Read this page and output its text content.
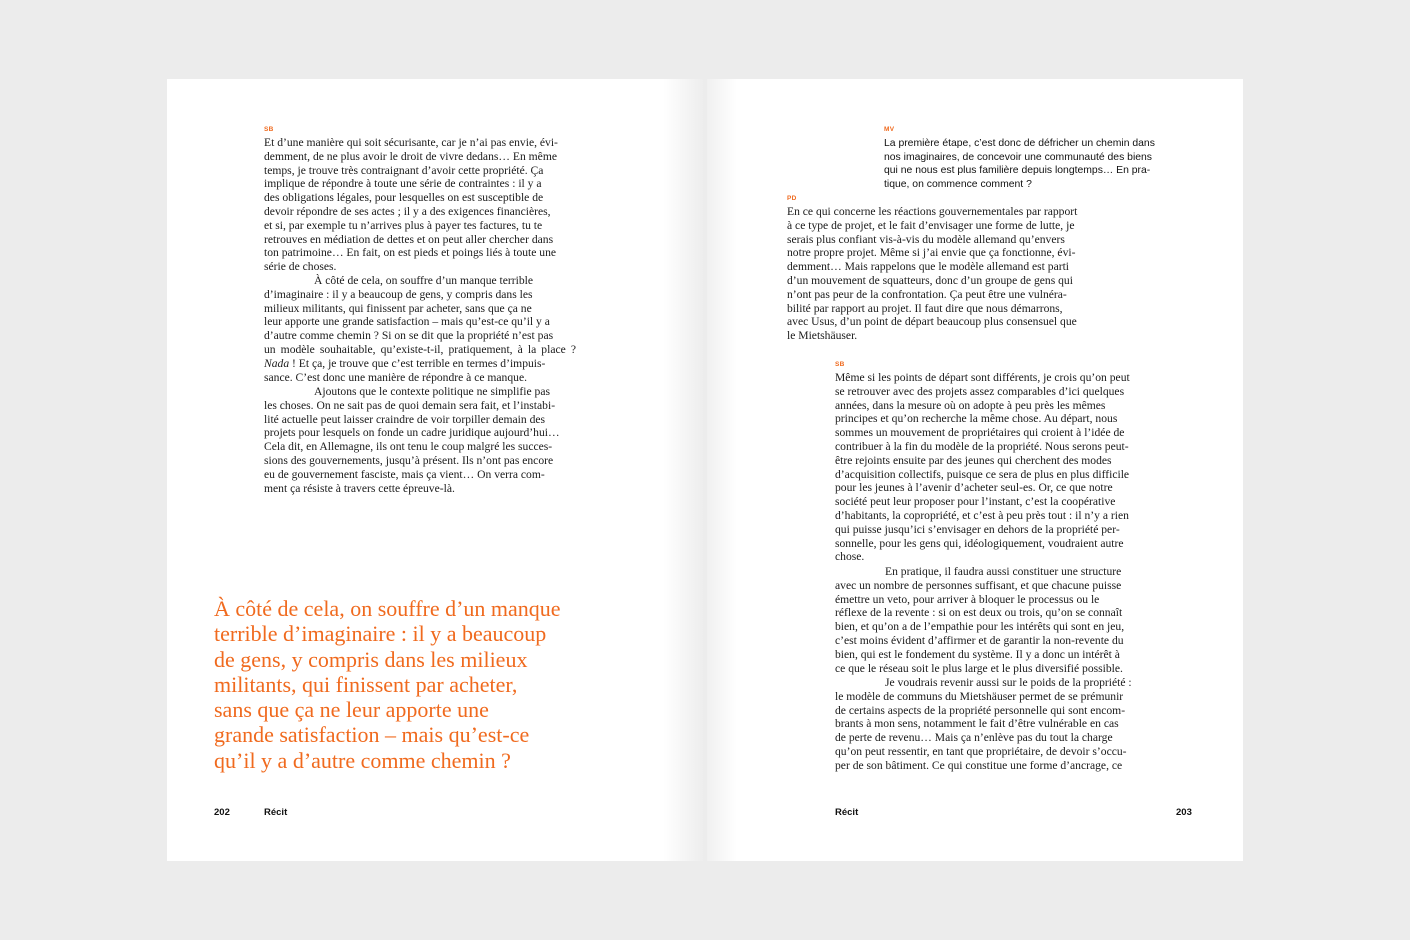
SB
Et d’une manière qui soit sécurisante, car je n’ai pas envie, évi-
demment, de ne plus avoir le droit de vivre dedans… En même
temps, je trouve très contraignant d’avoir cette propriété. Ça
implique de répondre à toute une série de contraintes : il y a
des obligations légales, pour lesquelles on est susceptible de
devoir répondre de ses actes ; il y a des exigences financières,
et si, par exemple tu n’arrives plus à payer tes factures, tu te
retrouves en médiation de dettes et on peut aller chercher dans
ton patrimoine… En fait, on est pieds et poings liés à toute une
série de choses.
À côté de cela, on souffre d’un manque terrible
d’imaginaire : il y a beaucoup de gens, y compris dans les
milieux militants, qui finissent par acheter, sans que ça ne
leur apporte une grande satisfaction – mais qu’est-ce qu’il y a
d’autre comme chemin ? Si on se dit que la propriété n’est pas
un modèle souhaitable, qu’existe-t-il, pratiquement, à la place ?Nada ! Et ça, je trouve que c’est terrible en termes d’impuis-
sance. C’est donc une manière de répondre à ce manque.
Ajoutons que le contexte politique ne simplifie pas
les choses. On ne sait pas de quoi demain sera fait, et l’instabi-
lité actuelle peut laisser craindre de voir torpiller demain des
projets pour lesquels on fonde un cadre juridique aujourd’hui…
Cela dit, en Allemagne, ils ont tenu le coup malgré les succes-
sions des gouvernements, jusqu’à présent. Ils n’ont pas encore
eu de gouvernement fasciste, mais ça vient… On verra com-
ment ça résiste à travers cette épreuve-là.
À côté de cela, on souffre d’un manque
terrible d’imaginaire : il y a beaucoup
de gens, y compris dans les milieux
militants, qui finissent par acheter,
sans que ça ne leur apporte une
grande satisfaction – mais qu’est-ce
qu’il y a d’autre comme chemin ?
202	Récit
MV
La première étape, c’est donc de défricher un chemin dans
nos imaginaires, de concevoir une communauté des biens
qui ne nous est plus familière depuis longtemps… En pra-
tique, on commence comment ?
PD
En ce qui concerne les réactions gouvernementales par rapport
à ce type de projet, et le fait d’envisager une forme de lutte, je
serais plus confiant vis-à-vis du modèle allemand qu’envers
notre propre projet. Même si j’ai envie que ça fonctionne, évi-
demment… Mais rappelons que le modèle allemand est parti
d’un mouvement de squatteurs, donc d’un groupe de gens qui
n’ont pas peur de la confrontation. Ça peut être une vulnéra-
bilité par rapport au projet. Il faut dire que nous démarrons,
avec Usus, d’un point de départ beaucoup plus consensuel que
le Mietshäuser.
SB
Même si les points de départ sont différents, je crois qu’on peut
se retrouver avec des projets assez comparables d’ici quelques
années, dans la mesure où on adopte à peu près les mêmes
principes et qu’on recherche la même chose. Au départ, nous
sommes un mouvement de propriétaires qui croient à l’idée de
contribuer à la fin du modèle de la propriété. Nous serons peut-
être rejoints ensuite par des jeunes qui cherchent des modes
d’acquisition collectifs, puisque ce sera de plus en plus difficile
pour les jeunes à l’avenir d’acheter seul-es. Or, ce que notre
société peut leur proposer pour l’instant, c’est la coopérative
d’habitants, la copropriété, et c’est à peu près tout : il n’y a rien
qui puisse jusqu’ici s’envisager en dehors de la propriété per-
sonnelle, pour les gens qui, idéologiquement, voudraient autre
chose.
En pratique, il faudra aussi constituer une structure
avec un nombre de personnes suffisant, et que chacune puisse
émettre un veto, pour arriver à bloquer le processus ou le
réflexe de la revente : si on est deux ou trois, qu’on se connaît
bien, et qu’on a de l’empathie pour les intérêts qui sont en jeu,
c’est moins évident d’affirmer et de garantir la non-revente du
bien, qui est le fondement du système. Il y a donc un intérêt à
ce que le réseau soit le plus large et le plus diversifié possible.
Je voudrais revenir aussi sur le poids de la propriété :
le modèle de communs du Mietshäuser permet de se prémunir
de certains aspects de la propriété personnelle qui sont encom-
brants à mon sens, notamment le fait d’être vulnérable en cas
de perte de revenu… Mais ça n’enlève pas du tout la charge
qu’on peut ressentir, en tant que propriétaire, de devoir s’occu-
per de son bâtiment. Ce qui constitue une forme d’ancrage, ce
Récit	203
